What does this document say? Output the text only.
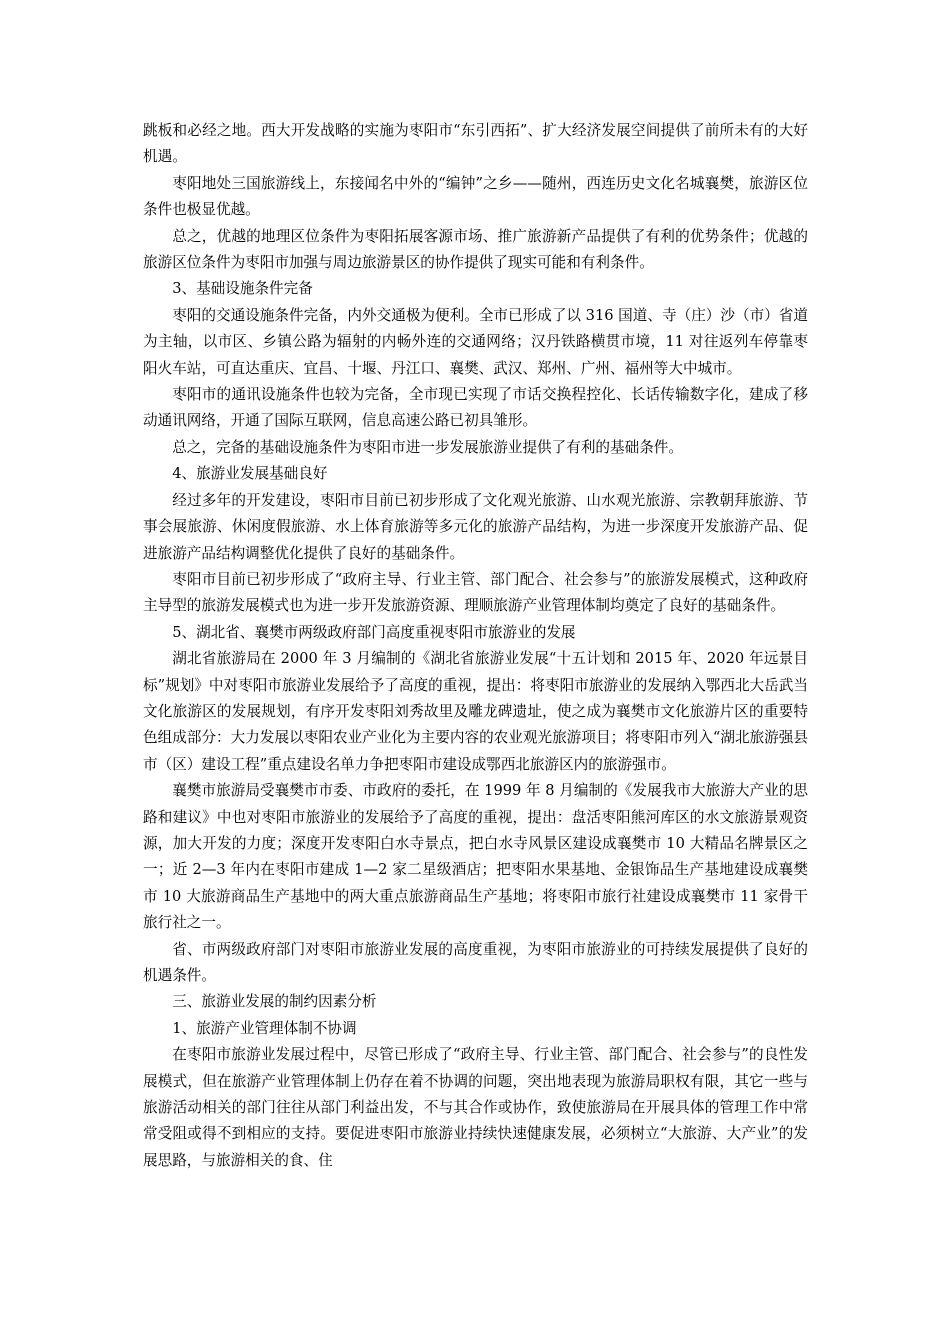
跳板和必经之地。西大开发战略的实施为枣阳市“东引西拓”、扩大经济发展空间提供了前所未有的大好机遇。

枣阳地处三国旅游线上，东接闻名中外的“编钟”之乡——随州，西连历史文化名城襄樊，旅游区位条件也极显优越。

总之，优越的地理区位条件为枣阳拓展客源市场、推广旅游新产品提供了有利的优势条件；优越的旅游区位条件为枣阳市加强与周边旅游景区的协作提供了现实可能和有利条件。

3、基础设施条件完备

枣阳的交通设施条件完备，内外交通极为便利。全市已形成了以 316 国道、寺（庄）沙（市）省道为主轴，以市区、乡镇公路为辐射的内畅外连的交通网络；汉丹铁路横贯市境，11 对往返列车停靠枣阳火车站，可直达重庆、宜昌、十堰、丹江口、襄樊、武汉、郑州、广州、福州等大中城市。

枣阳市的通讯设施条件也较为完备，全市现已实现了市话交换程控化、长话传输数字化，建成了移动通讯网络，开通了国际互联网，信息高速公路已初具雏形。

总之，完备的基础设施条件为枣阳市进一步发展旅游业提供了有利的基础条件。

4、旅游业发展基础良好

经过多年的开发建设，枣阳市目前已初步形成了文化观光旅游、山水观光旅游、宗教朝拜旅游、节事会展旅游、休闲度假旅游、水上体育旅游等多元化的旅游产品结构，为进一步深度开发旅游产品、促进旅游产品结构调整优化提供了良好的基础条件。

枣阳市目前已初步形成了“政府主导、行业主管、部门配合、社会参与”的旅游发展模式，这种政府主导型的旅游发展模式也为进一步开发旅游资源、理顺旅游产业管理体制均奠定了良好的基础条件。

5、湖北省、襄樊市两级政府部门高度重视枣阳市旅游业的发展

湖北省旅游局在 2000 年 3 月编制的《湖北省旅游业发展“十五计划和 2015 年、2020 年远景目标”规划》中对枣阳市旅游业发展给予了高度的重视，提出：将枣阳市旅游业的发展纳入鄂西北大岳武当文化旅游区的发展规划，有序开发枣阳刘秀故里及雕龙碑遗址，使之成为襄樊市文化旅游片区的重要特色组成部分：大力发展以枣阳农业产业化为主要内容的农业观光旅游项目；将枣阳市列入“湖北旅游强县市（区）建设工程”重点建设名单力争把枣阳市建设成鄂西北旅游区内的旅游强市。

襄樊市旅游局受襄樊市市委、市政府的委托，在 1999 年 8 月编制的《发展我市大旅游大产业的思路和建议》中也对枣阳市旅游业的发展给予了高度的重视，提出：盘活枣阳熊河库区的水文旅游景观资源，加大开发的力度；深度开发枣阳白水寺景点，把白水寺风景区建设成襄樊市 10 大精品名牌景区之一；近 2—3 年内在枣阳市建成 1—2 家二星级酒店；把枣阳水果基地、金银饰品生产基地建设成襄樊市 10 大旅游商品生产基地中的两大重点旅游商品生产基地；将枣阳市旅行社建设成襄樊市 11 家骨干旅行社之一。

省、市两级政府部门对枣阳市旅游业发展的高度重视，为枣阳市旅游业的可持续发展提供了良好的机遇条件。

三、旅游业发展的制约因素分析

1、旅游产业管理体制不协调

在枣阳市旅游业发展过程中，尽管已形成了“政府主导、行业主管、部门配合、社会参与”的良性发展模式，但在旅游产业管理体制上仍存在着不协调的问题，突出地表现为旅游局职权有限，其它一些与旅游活动相关的部门往往从部门利益出发，不与其合作或协作，致使旅游局在开展具体的管理工作中常常受阻或得不到相应的支持。要促进枣阳市旅游业持续快速健康发展，必须树立“大旅游、大产业”的发展思路，与旅游相关的食、住
